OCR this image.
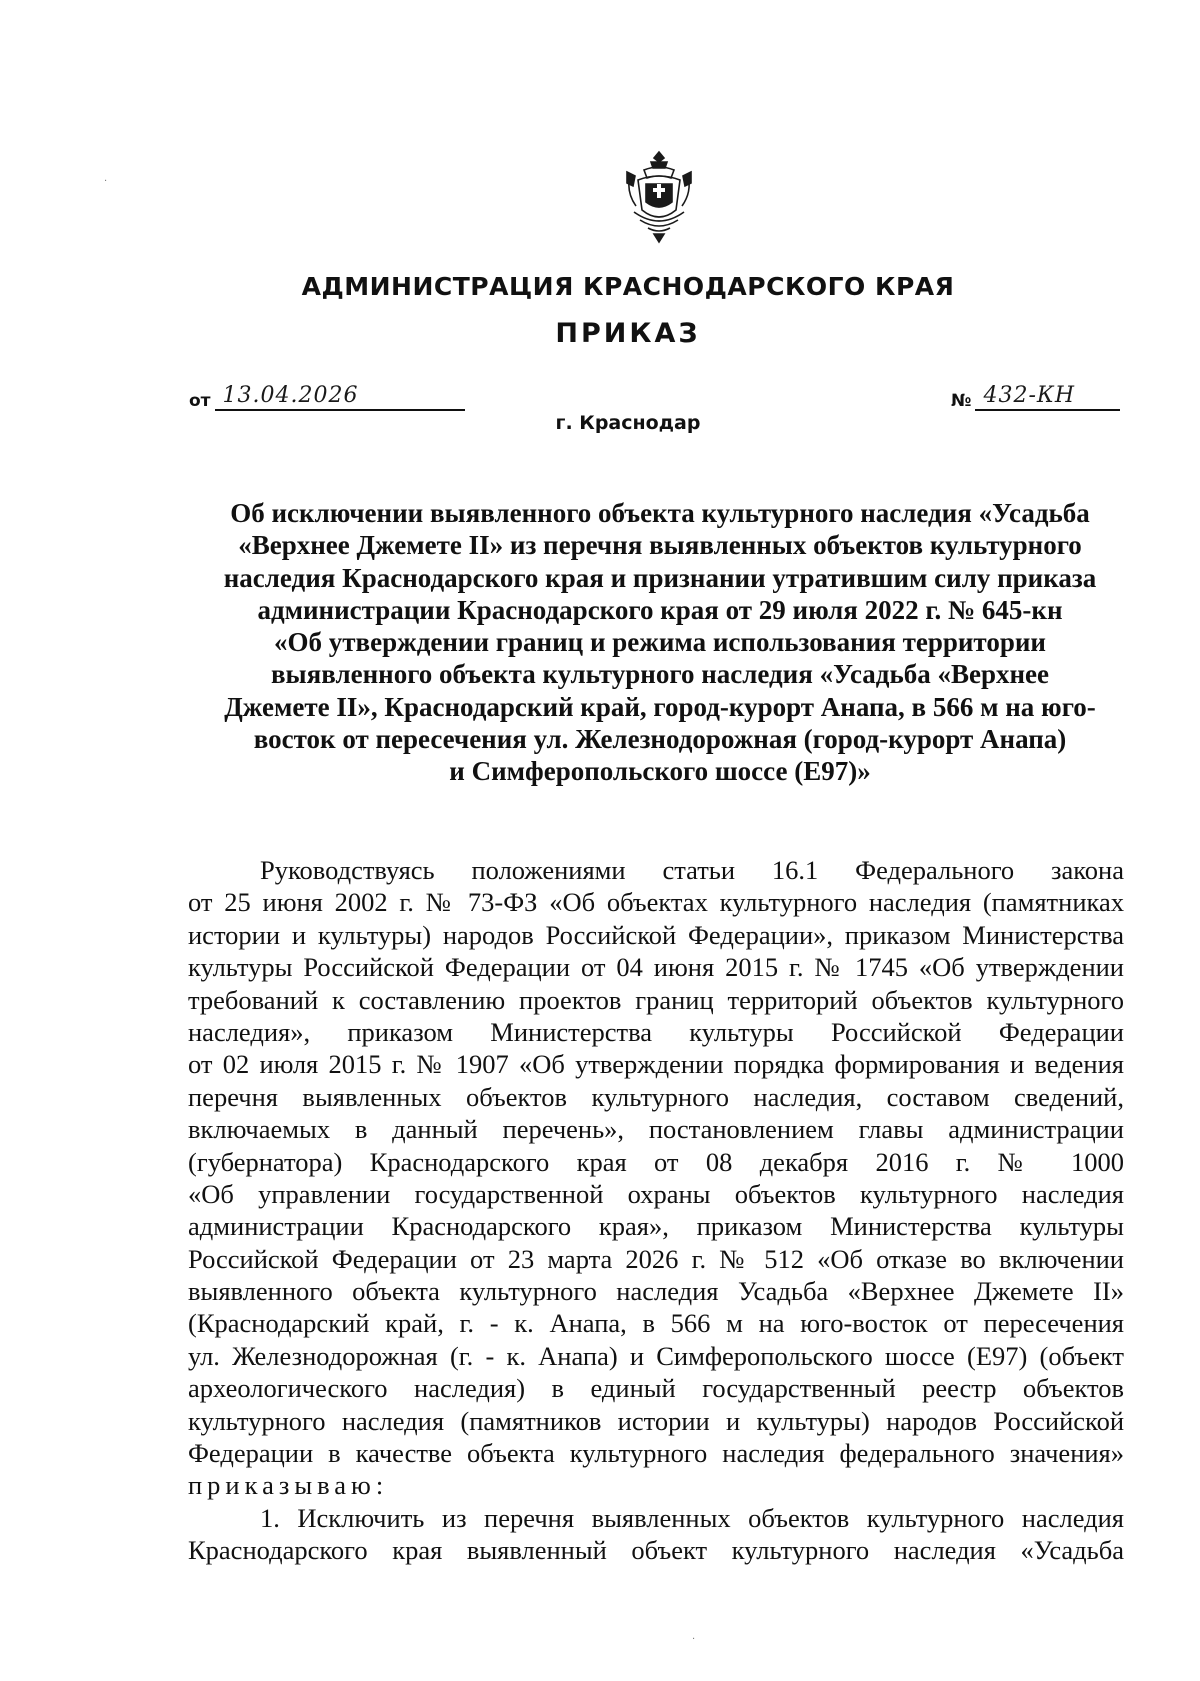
АДМИНИСТРАЦИЯ КРАСНОДАРСКОГО КРАЯ
ПРИКАЗ
от 13.04.2026	№ 432-КН
г. Краснодар
Об исключении выявленного объекта культурного наследия «Усадьба
«Верхнее Джемете II» из перечня выявленных объектов культурного
наследия Краснодарского края и признании утратившим силу приказа
администрации Краснодарского края от 29 июля 2022 г. № 645-кн
«Об утверждении границ и режима использования территории
выявленного объекта культурного наследия «Усадьба «Верхнее
Джемете II», Краснодарский край, город-курорт Анапа, в 566 м на юго-
восток от пересечения ул. Железнодорожная (город-курорт Анапа)
и Симферопольского шоссе (Е97)»
Руководствуясь положениями статьи 16.1 Федерального закона
от 25 июня 2002 г. № 73-ФЗ «Об объектах культурного наследия (памятниках
истории и культуры) народов Российской Федерации», приказом Министерства
культуры Российской Федерации от 04 июня 2015 г. № 1745 «Об утверждении
требований к составлению проектов границ территорий объектов культурного
наследия», приказом Министерства культуры Российской Федерации
от 02 июля 2015 г. № 1907 «Об утверждении порядка формирования и ведения
перечня выявленных объектов культурного наследия, составом сведений,
включаемых в данный перечень», постановлением главы администрации
(губернатора) Краснодарского края от 08 декабря 2016 г. № 1000
«Об управлении государственной охраны объектов культурного наследия
администрации Краснодарского края», приказом Министерства культуры
Российской Федерации от 23 марта 2026 г. № 512 «Об отказе во включении
выявленного объекта культурного наследия Усадьба «Верхнее Джемете II»
(Краснодарский край, г. - к. Анапа, в 566 м на юго-восток от пересечения
ул. Железнодорожная (г. - к. Анапа) и Симферопольского шоссе (Е97) (объект
археологического наследия) в единый государственный реестр объектов
культурного наследия (памятников истории и культуры) народов Российской
Федерации в качестве объекта культурного наследия федерального значения»
приказываю:
1. Исключить из перечня выявленных объектов культурного наследия
Краснодарского края выявленный объект культурного наследия «Усадьба
·
·
